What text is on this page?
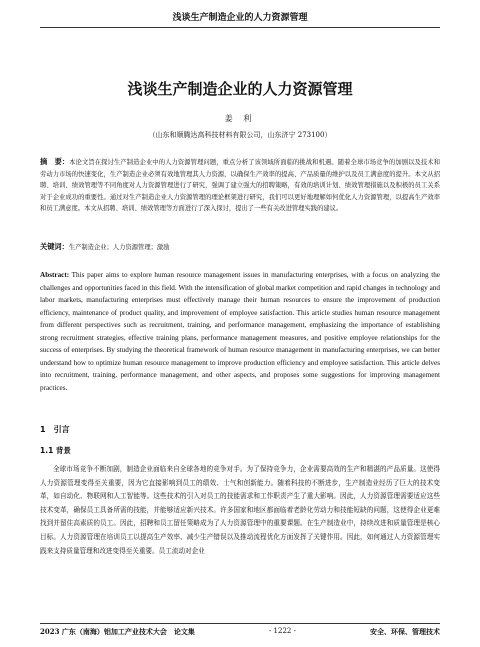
浅谈生产制造企业的人力资源管理
浅谈生产制造企业的人力资源管理
姜 利
（山东和顺腾达高科技材料有限公司，山东济宁 273100）
摘　要：本论文旨在探讨生产制造企业中的人力资源管理问题，重点分析了该领域所面临的挑战和机遇。随着全球市场竞争的加剧以及技术和劳动力市场的快速变化，生产制造企业必须有效地管理其人力资源，以确保生产效率的提高、产品质量的维护以及员工满意度的提升。本文从招聘、培训、绩效管理等不同角度对人力资源管理进行了研究，强调了建立强大的招聘策略，有效的培训计划、绩效管理措施以及积极的员工关系对于企业成功的重要性。通过对生产制造企业人力资源管理的理论框架进行研究，我们可以更好地理解如何优化人力资源管理，以提高生产效率和员工满意度。本文从招聘、培训、绩效管理等方面进行了深入探讨，提出了一些有关改进管理实践的建议。
关键词：生产制造企业；人力资源管理；激励
Abstract: This paper aims to explore human resource management issues in manufacturing enterprises, with a focus on analyzing the challenges and opportunities faced in this field. With the intensification of global market competition and rapid changes in technology and labor markets, manufacturing enterprises must effectively manage their human resources to ensure the improvement of production efficiency, maintenance of product quality, and improvement of employee satisfaction. This article studies human resource management from different perspectives such as recruitment, training, and performance management, emphasizing the importance of establishing strong recruitment strategies, effective training plans, performance management measures, and positive employee relationships for the success of enterprises. By studying the theoretical framework of human resource management in manufacturing enterprises, we can better understand how to optimize human resource management to improve production efficiency and employee satisfaction. This article delves into recruitment, training, performance management, and other aspects, and proposes some suggestions for improving management practices.
1　引言
1.1 背景
全球市场竞争不断加剧，制造企业面临来自全球各地的竞争对手。为了保持竞争力，企业需要高效的生产和精湛的产品质量。这使得人力资源管理变得至关重要，因为它直接影响到员工的绩效、士气和创新能力。随着科技的不断进步，生产制造业经历了巨大的技术变革，如自动化、物联网和人工智能等。这些技术的引入对员工的技能需求和工作职责产生了重大影响。因此，人力资源管理需要适应这些技术变革，确保员工具备所需的技能，并能够适应新兴技术。许多国家和地区都面临着老龄化劳动力和技能短缺的问题，这使得企业更难找到并留住高素质的员工。因此，招聘和员工留任策略成为了人力资源管理中的重要课题。在生产制造业中，持续改进和质量管理是核心目标。人力资源管理在培训员工以提高生产效率、减少生产错误以及推动流程优化方面发挥了关键作用。因此，如何通过人力资源管理实践来支持质量管理和改进变得至关重要。员工流动对企业
2023 广东（南海）铝加工产业技术大会　论文集	- 1222 -	安全、环保、管理技术
